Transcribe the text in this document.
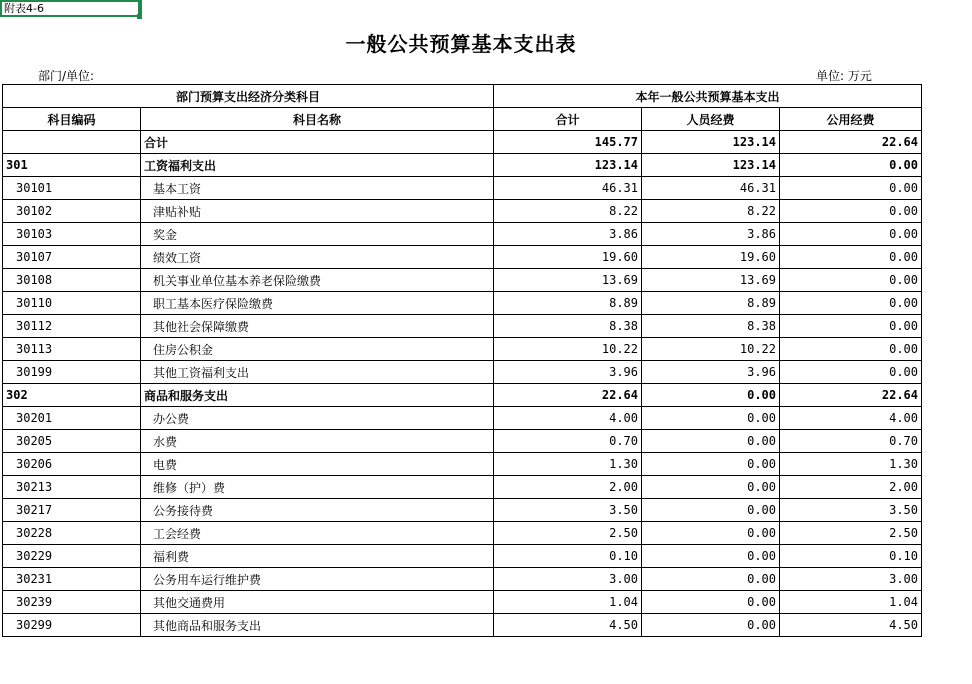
附表4-6
一般公共预算基本支出表
部门/单位:	单位: 万元
部门预算支出经济分类科目		本年一般公共预算基本支出		
科目编码	科目名称	合计	人员经费	公用经费
	合计	145.77	123.14	22.64
301	工资福利支出	123.14	123.14	0.00
30101	基本工资	46.31	46.31	0.00
30102	津贴补贴	8.22	8.22	0.00
30103	奖金	3.86	3.86	0.00
30107	绩效工资	19.60	19.60	0.00
30108	机关事业单位基本养老保险缴费	13.69	13.69	0.00
30110	职工基本医疗保险缴费	8.89	8.89	0.00
30112	其他社会保障缴费	8.38	8.38	0.00
30113	住房公积金	10.22	10.22	0.00
30199	其他工资福利支出	3.96	3.96	0.00
302	商品和服务支出	22.64	0.00	22.64
30201	办公费	4.00	0.00	4.00
30205	水费	0.70	0.00	0.70
30206	电费	1.30	0.00	1.30
30213	维修（护）费	2.00	0.00	2.00
30217	公务接待费	3.50	0.00	3.50
30228	工会经费	2.50	0.00	2.50
30229	福利费	0.10	0.00	0.10
30231	公务用车运行维护费	3.00	0.00	3.00
30239	其他交通费用	1.04	0.00	1.04
30299	其他商品和服务支出	4.50	0.00	4.50
